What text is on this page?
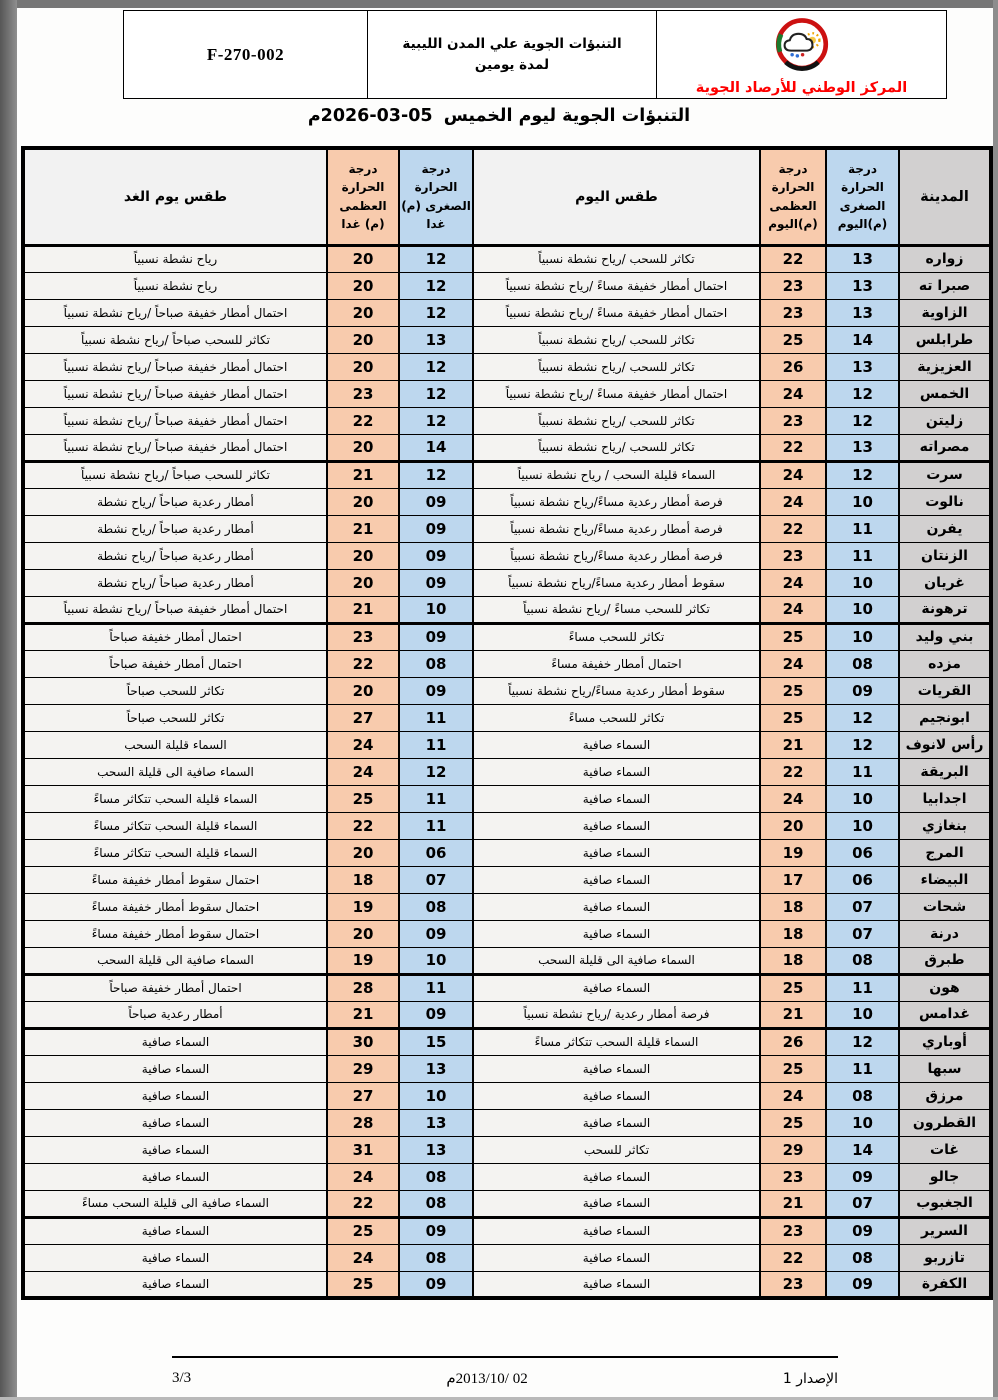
المركز الوطني للأرصاد الجوية
التنبؤات الجوية علي المدن الليبية لمدة يومين
F-270-002
التنبؤات الجوية ليوم الخميس م2026-03-05
المدينة	درجة الحرارة الصغرى (م)اليوم	درجة الحرارة العظمى (م)اليوم	طقس اليوم	درجة الحرارة الصغرى (م) غدا	درجة الحرارة العظمى (م) غدا	طقس يوم الغد
زواره	13	22	تكاثر للسحب /رياح نشطة نسبياً	12	20	رياح نشطة نسبياً
صبرا ته	13	23	احتمال أمطار خفيفة مساءً /رياح نشطة نسبياً	12	20	رياح نشطة نسبياً
الزاوية	13	23	احتمال أمطار خفيفة مساءً /رياح نشطة نسبياً	12	20	احتمال أمطار خفيفة صباحاً /رياح نشطة نسبياً
طرابلس	14	25	تكاثر للسحب /رياح نشطة نسبياً	13	20	تكاثر للسحب صباحاً /رياح نشطة نسبياً
العزيزية	13	26	تكاثر للسحب /رياح نشطة نسبياً	12	20	احتمال أمطار خفيفة صباحاً /رياح نشطة نسبياً
الخمس	12	24	احتمال أمطار خفيفة مساءً /رياح نشطة نسبياً	12	23	احتمال أمطار خفيفة صباحاً /رياح نشطة نسبياً
زليتن	12	23	تكاثر للسحب /رياح نشطة نسبياً	12	22	احتمال أمطار خفيفة صباحاً /رياح نشطة نسبياً
مصراته	13	22	تكاثر للسحب /رياح نشطة نسبياً	14	20	احتمال أمطار خفيفة صباحاً /رياح نشطة نسبياً
سرت	12	24	السماء قليلة السحب / رياح نشطة نسبياً	12	21	تكاثر للسحب صباحاً /رياح نشطة نسبياً
نالوت	10	24	فرصة أمطار رعدية مساءً/رياح نشطة نسبياً	09	20	أمطار رعدية صباحاً /رياح نشطة
يفرن	11	22	فرصة أمطار رعدية مساءً/رياح نشطة نسبياً	09	21	أمطار رعدية صباحاً /رياح نشطة
الزنتان	11	23	فرصة أمطار رعدية مساءً/رياح نشطة نسبياً	09	20	أمطار رعدية صباحاً /رياح نشطة
غريان	10	24	سقوط أمطار رعدية مساءً/رياح نشطة نسبياً	09	20	أمطار رعدية صباحاً /رياح نشطة
ترهونة	10	24	تكاثر للسحب مساءً /رياح نشطة نسبياً	10	21	احتمال أمطار خفيفة صباحاً /رياح نشطة نسبياً
بني وليد	10	25	تكاثر للسحب مساءً	09	23	احتمال أمطار خفيفة صباحاً
مزده	08	24	احتمال أمطار خفيفة مساءً	08	22	احتمال أمطار خفيفة صباحاً
القريات	09	25	سقوط أمطار رعدية مساءً/رياح نشطة نسبياً	09	20	تكاثر للسحب صباحاً
ابونجيم	12	25	تكاثر للسحب مساءً	11	27	تكاثر للسحب صباحاً
رأس لانوف	12	21	السماء صافية	11	24	السماء قليلة السحب
البريقة	11	22	السماء صافية	12	24	السماء صافية الى قليلة السحب
اجدابيا	10	24	السماء صافية	11	25	السماء قليلة السحب تتكاثر مساءً
بنغازي	10	20	السماء صافية	11	22	السماء قليلة السحب تتكاثر مساءً
المرج	06	19	السماء صافية	06	20	السماء قليلة السحب تتكاثر مساءً
البيضاء	06	17	السماء صافية	07	18	احتمال سقوط أمطار خفيفة مساءً
شحات	07	18	السماء صافية	08	19	احتمال سقوط أمطار خفيفة مساءً
درنة	07	18	السماء صافية	09	20	احتمال سقوط أمطار خفيفة مساءً
طبرق	08	18	السماء صافية الى قليلة السحب	10	19	السماء صافية الى قليلة السحب
هون	11	25	السماء صافية	11	28	احتمال أمطار خفيفة صباحاً
غدامس	10	21	فرصة أمطار رعدية /رياح نشطة نسبياً	09	21	أمطار رعدية صباحاً
أوباري	12	26	السماء قليلة السحب تتكاثر مساءً	15	30	السماء صافية
سبها	11	25	السماء صافية	13	29	السماء صافية
مرزق	08	24	السماء صافية	10	27	السماء صافية
القطرون	10	25	السماء صافية	13	28	السماء صافية
غات	14	29	تكاثر للسحب	13	31	السماء صافية
جالو	09	23	السماء صافية	08	24	السماء صافية
الجغبوب	07	21	السماء صافية	08	22	السماء صافية الى قليلة السحب مساءً
السرير	09	23	السماء صافية	09	25	السماء صافية
تازربو	08	22	السماء صافية	08	24	السماء صافية
الكفرة	09	23	السماء صافية	09	25	السماء صافية
الإصدار 1
م2013/10/ 02
3/3
